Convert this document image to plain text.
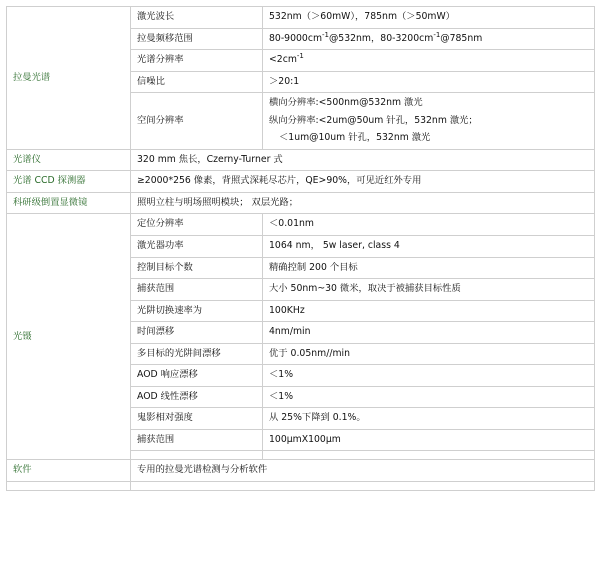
拉曼光谱	激光波长	532nm（＞60mW），785nm（＞50mW）
	拉曼频移范围	$80-9000cm^{-1}@532nm$，$80-3200cm^{-1}@785nm$
	光谱分辨率	$<2cm^{-1}$
	信噪比	＞20:1
	空间分辨率	横向分辨率:<500nm@532nm 激光
纵向分辨率:<2um@50um 针孔，532nm 激光；
＜1um@10um 针孔，532nm 激光

光谱仪	320 mm 焦长，Czerny-Turner 式	
光谱 CCD 探测器	≥2000*256 像素，背照式深耗尽芯片，QE>90%，可见近红外专用	
科研级倒置显微镜	照明立柱与明场照明模块； 双层光路；	
光镊	定位分辨率	＜0.01nm
	激光器功率	1064 nm， 5w laser, class 4
	控制目标个数	精确控制 200 个目标
	捕获范围	大小 50nm~30 微米，取决于被捕获目标性质
	光阱切换速率为	100KHz
	时间漂移	4nm/min
	多目标的光阱间漂移	优于 0.05nm//min
	AOD 响应漂移	＜1%
	AOD 线性漂移	＜1%
	鬼影相对强度	从 25%下降到 0.1%。
	捕获范围	100μmX100μm

软件	专用的拉曼光谱检测与分析软件	
